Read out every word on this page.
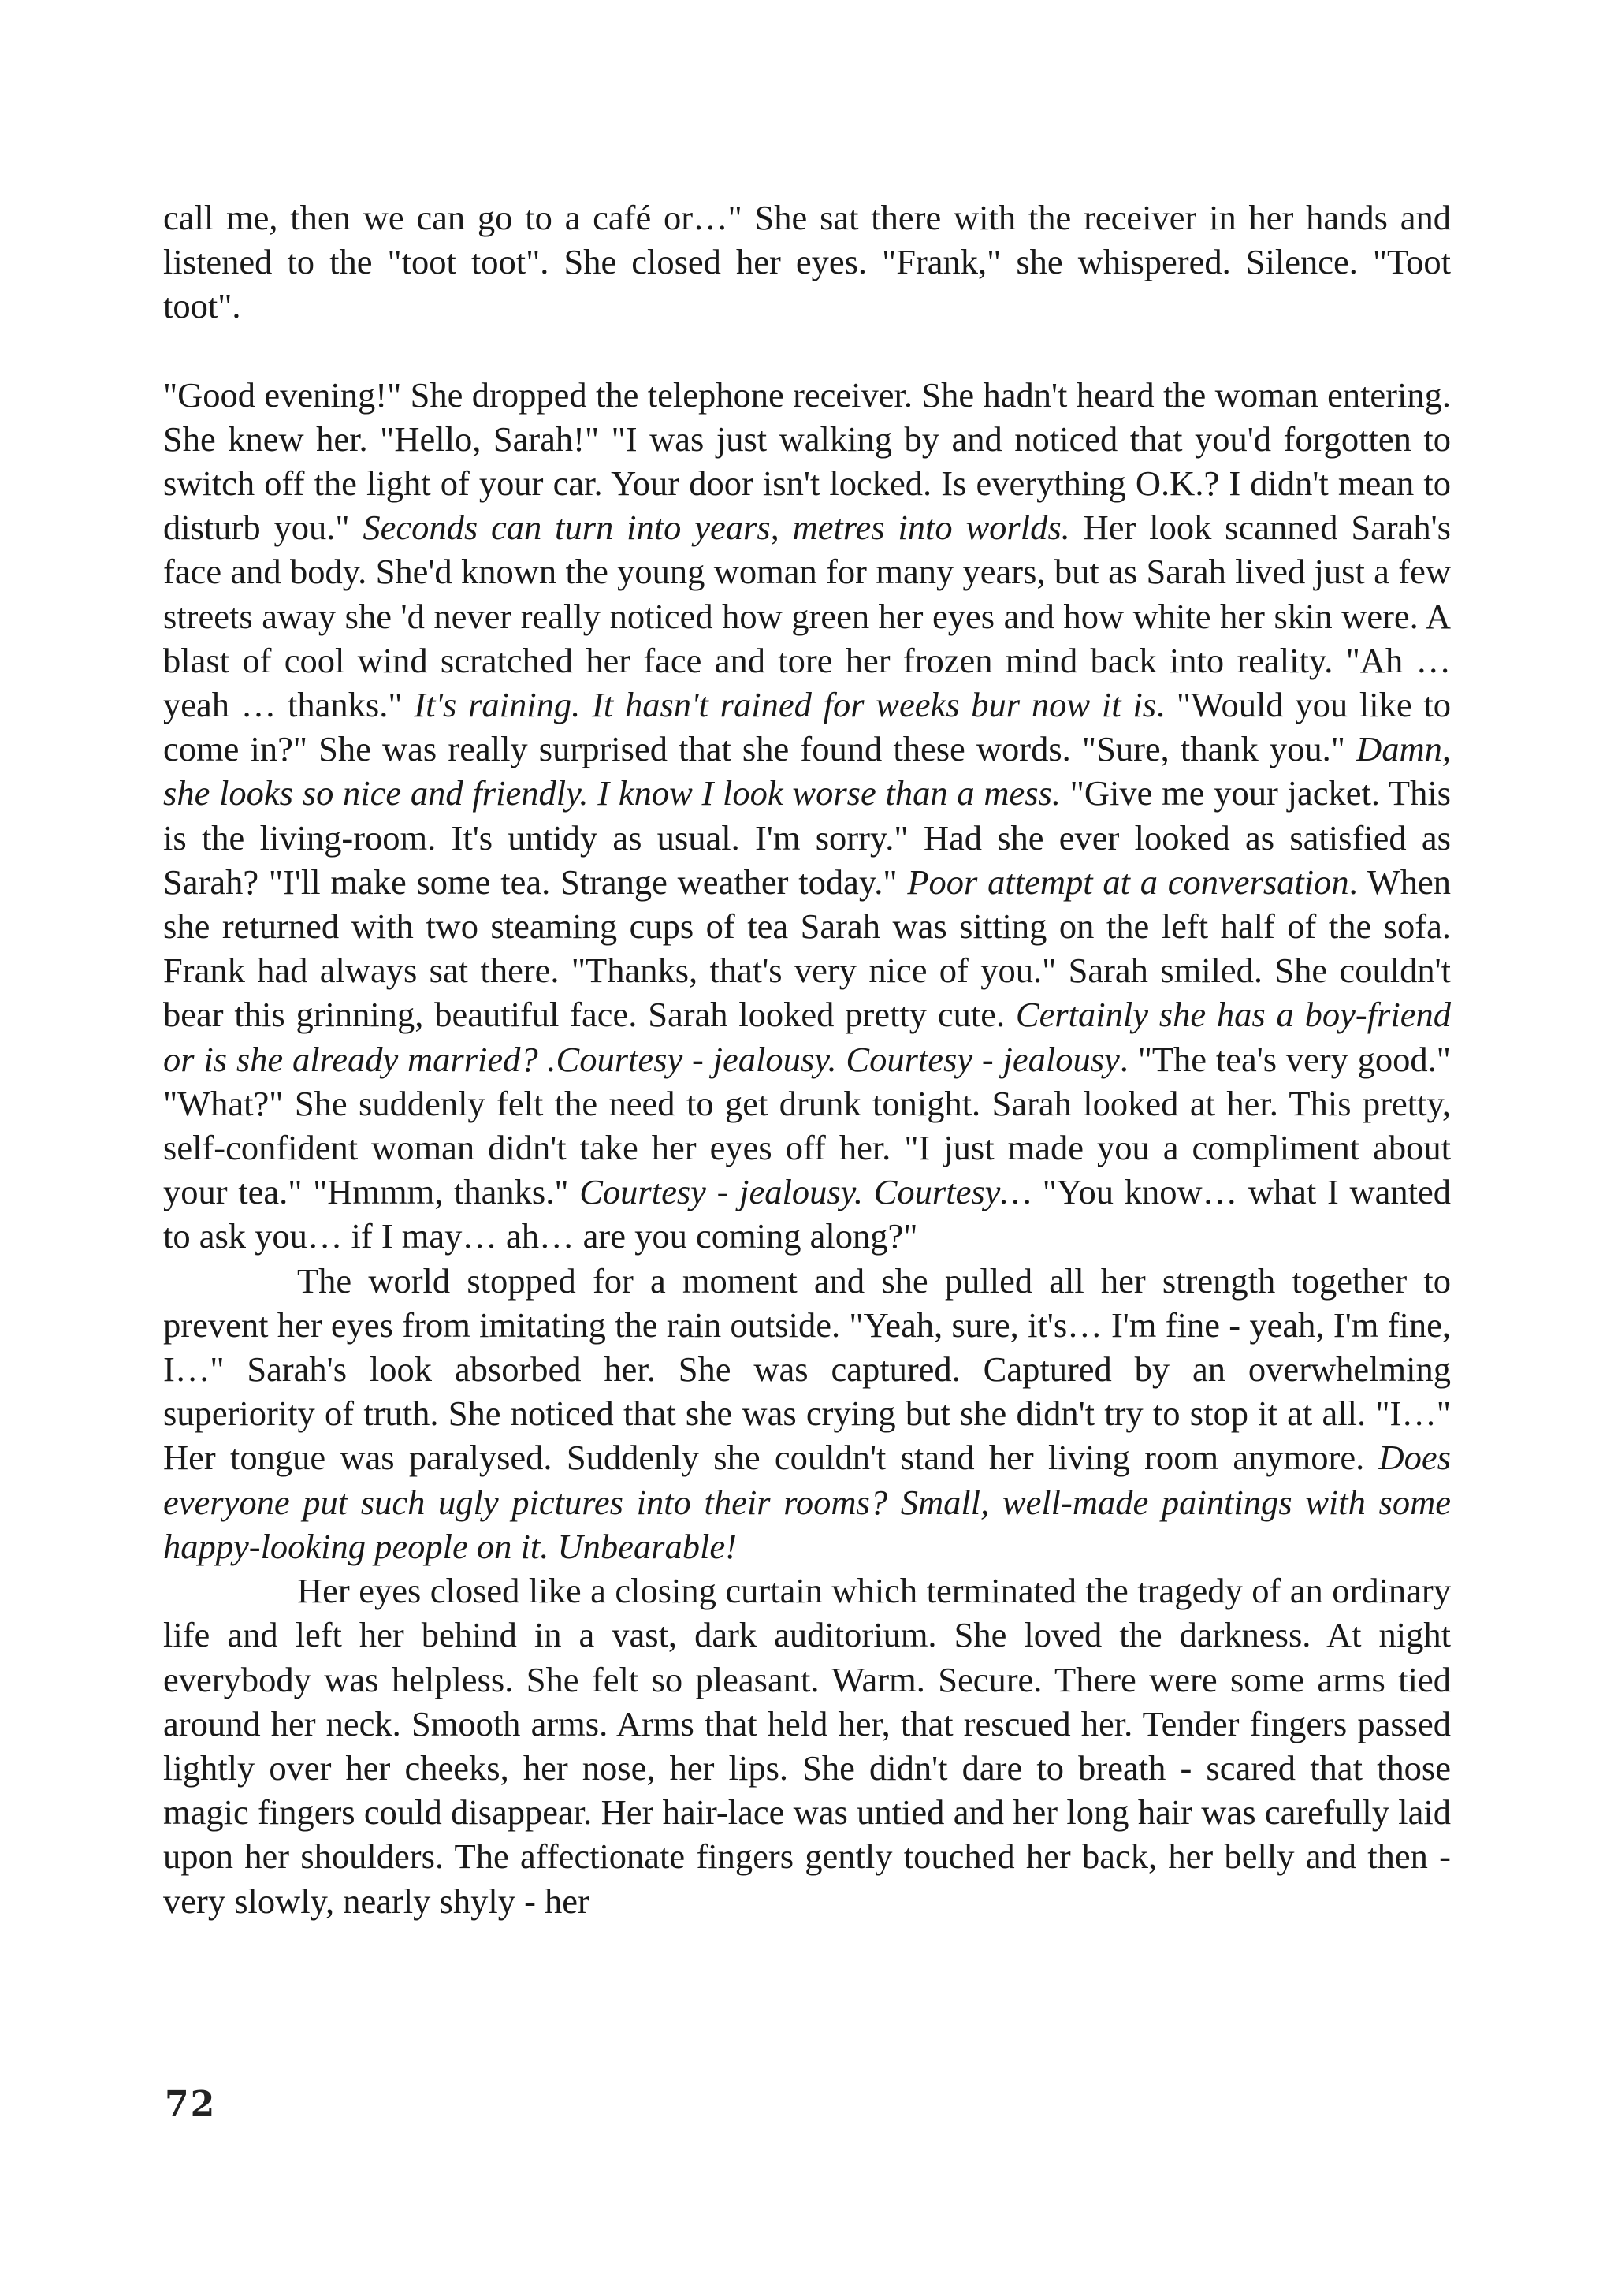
call me, then we can go to a café or…" She sat there with the receiver in her hands and listened to the "toot toot". She closed her eyes. "Frank," she whispered. Silence. "Toot toot".

"Good evening!" She dropped the telephone receiver. She hadn't heard the woman entering. She knew her. "Hello, Sarah!" "I was just walking by and noticed that you'd forgotten to switch off the light of your car. Your door isn't locked. Is everything O.K.? I didn't mean to disturb you." Seconds can turn into years, metres into worlds. Her look scanned Sarah's face and body. She'd known the young woman for many years, but as Sarah lived just a few streets away she 'd never really noticed how green her eyes and how white her skin were. A blast of cool wind scratched her face and tore her frozen mind back into reality. "Ah … yeah … thanks." It's raining. It hasn't rained for weeks bur now it is. "Would you like to come in?" She was really surprised that she found these words. "Sure, thank you." Damn, she looks so nice and friendly. I know I look worse than a mess. "Give me your jacket. This is the living-room. It's untidy as usual. I'm sorry." Had she ever looked as satisfied as Sarah? "I'll make some tea. Strange weather today." Poor attempt at a conversation. When she returned with two steaming cups of tea Sarah was sitting on the left half of the sofa. Frank had always sat there. "Thanks, that's very nice of you." Sarah smiled. She couldn't bear this grinning, beautiful face. Sarah looked pretty cute. Certainly she has a boy-friend or is she already married? .Courtesy - jealousy. Courtesy - jealousy. "The tea's very good." "What?" She suddenly felt the need to get drunk tonight. Sarah looked at her. This pretty, self-confident woman didn't take her eyes off her. "I just made you a compliment about your tea." "Hmmm, thanks." Courtesy - jealousy. Courtesy… "You know… what I wanted to ask you… if I may… ah… are you coming along?"

The world stopped for a moment and she pulled all her strength together to prevent her eyes from imitating the rain outside. "Yeah, sure, it's… I'm fine - yeah, I'm fine, I…" Sarah's look absorbed her. She was captured. Captured by an overwhelming superiority of truth. She noticed that she was crying but she didn't try to stop it at all. "I…" Her tongue was paralysed. Suddenly she couldn't stand her living room anymore. Does everyone put such ugly pictures into their rooms? Small, well-made paintings with some happy-looking people on it. Unbearable!

Her eyes closed like a closing curtain which terminated the tragedy of an ordinary life and left her behind in a vast, dark auditorium. She loved the darkness. At night everybody was helpless. She felt so pleasant. Warm. Secure. There were some arms tied around her neck. Smooth arms. Arms that held her, that rescued her. Tender fingers passed lightly over her cheeks, her nose, her lips. She didn't dare to breath - scared that those magic fingers could disappear. Her hair-lace was untied and her long hair was carefully laid upon her shoulders. The affectionate fingers gently touched her back, her belly and then - very slowly, nearly shyly - her

72
